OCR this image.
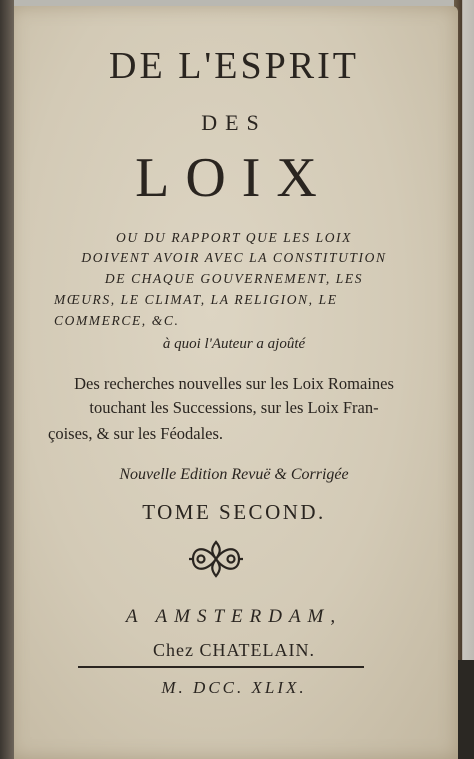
DE L'ESPRIT
DES
LOIX
OU DU RAPPORT QUE LES LOIX
DOIVENT AVOIR AVEC LA CONSTITUTION
DE CHAQUE GOUVERNEMENT, LES
MŒURS, LE CLIMAT, LA RELIGION, LE
COMMERCE, &C.
à quoi l'Auteur a ajoûté
Des recherches nouvelles sur les Loix Romaines
touchant les Successions, sur les Loix Fran-
çoises, & sur les Féodales.
Nouvelle Edition Revuë & Corrigée
TOME SECOND.
A AMSTERDAM,
Chez CHATELAIN.
M. DCC. XLIX.
